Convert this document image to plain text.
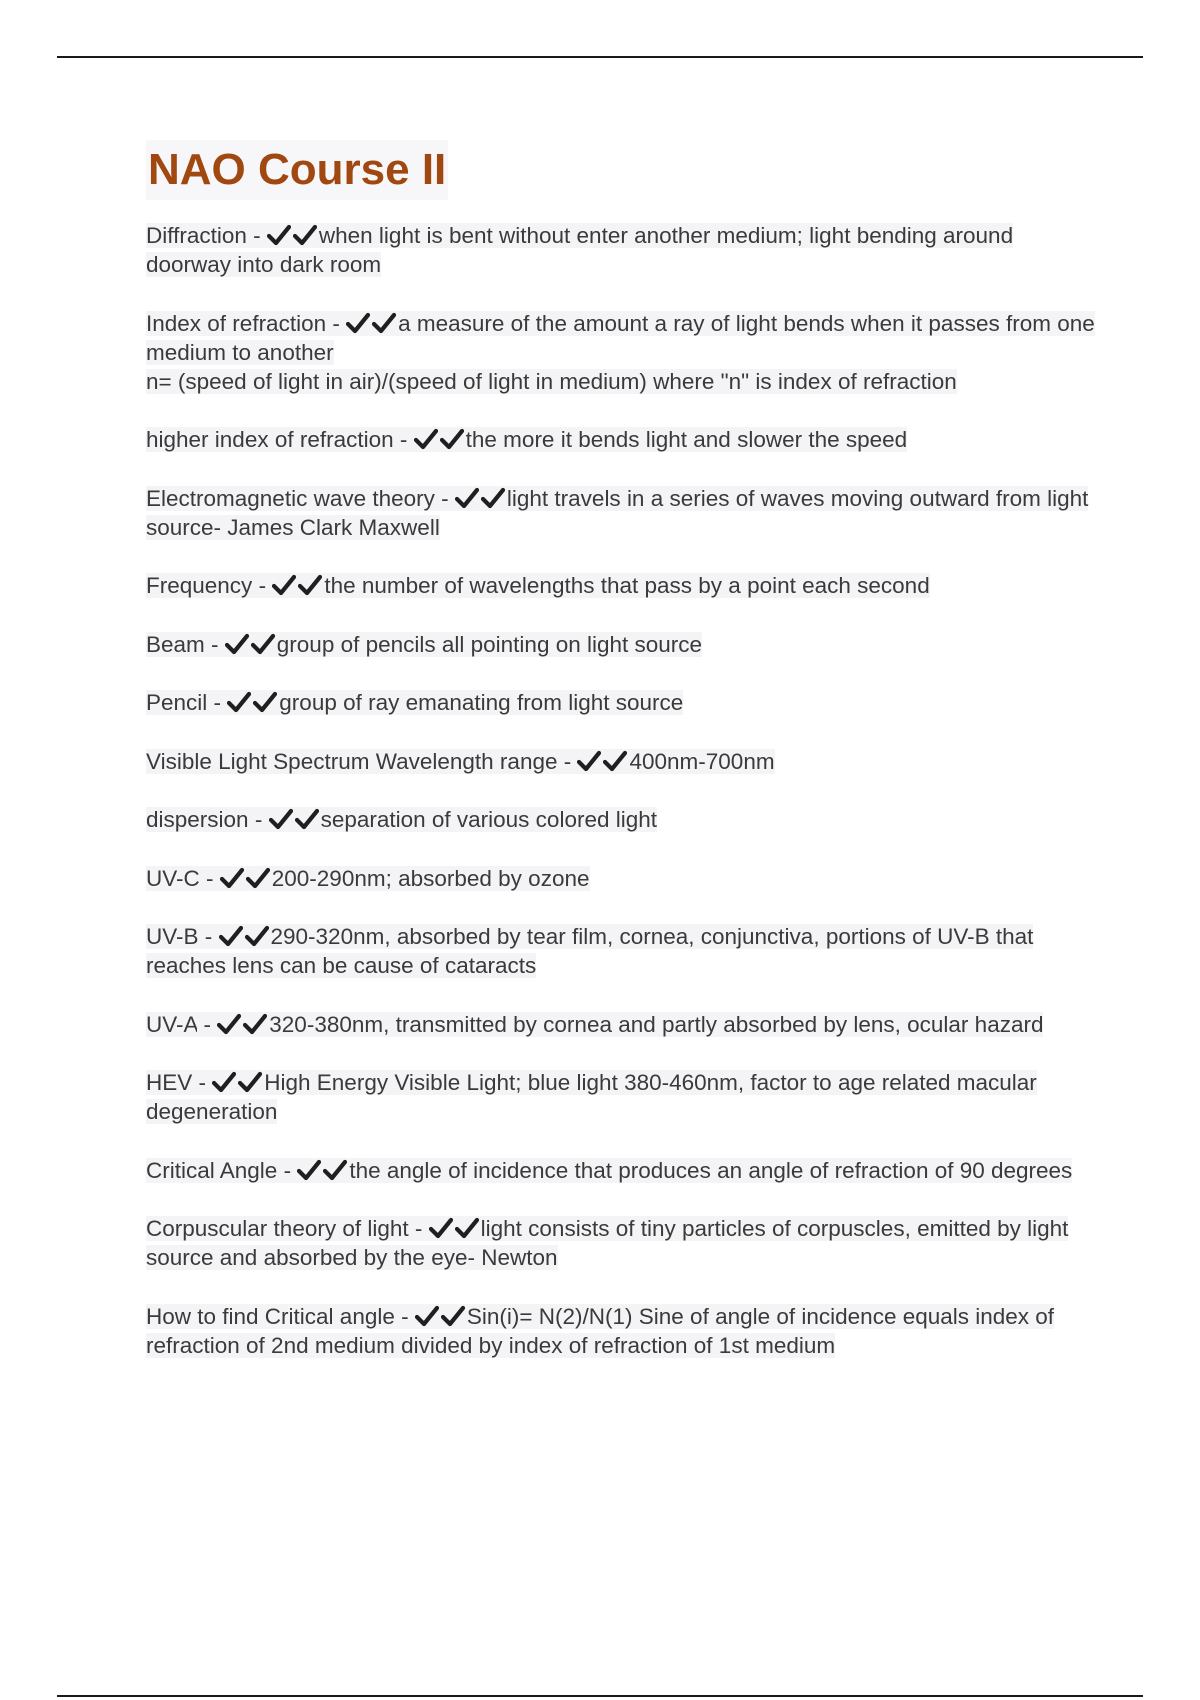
NAO Course II
Diffraction -
when light is bent without enter another medium; light bending around doorway into dark room
Index of refraction -
a measure of the amount a ray of light bends when it passes from one medium to another
n= (speed of light in air)/(speed of light in medium) where "n" is index of refraction
higher index of refraction -
the more it bends light and slower the speed
Electromagnetic wave theory -
light travels in a series of waves moving outward from light source- James Clark Maxwell
Frequency -
the number of wavelengths that pass by a point each second
Beam -
group of pencils all pointing on light source
Pencil -
group of ray emanating from light source
Visible Light Spectrum Wavelength range -
400nm-700nm
dispersion -
separation of various colored light
UV-C -
200-290nm; absorbed by ozone
UV-B -
290-320nm, absorbed by tear film, cornea, conjunctiva, portions of UV-B that reaches lens can be cause of cataracts
UV-A -
320-380nm, transmitted by cornea and partly absorbed by lens, ocular hazard
HEV -
High Energy Visible Light; blue light 380-460nm, factor to age related macular degeneration
Critical Angle -
the angle of incidence that produces an angle of refraction of 90 degrees
Corpuscular theory of light -
light consists of tiny particles of corpuscles, emitted by light source and absorbed by the eye- Newton
How to find Critical angle -
Sin(i)= N(2)/N(1) Sine of angle of incidence equals index of refraction of 2nd medium divided by index of refraction of 1st medium
